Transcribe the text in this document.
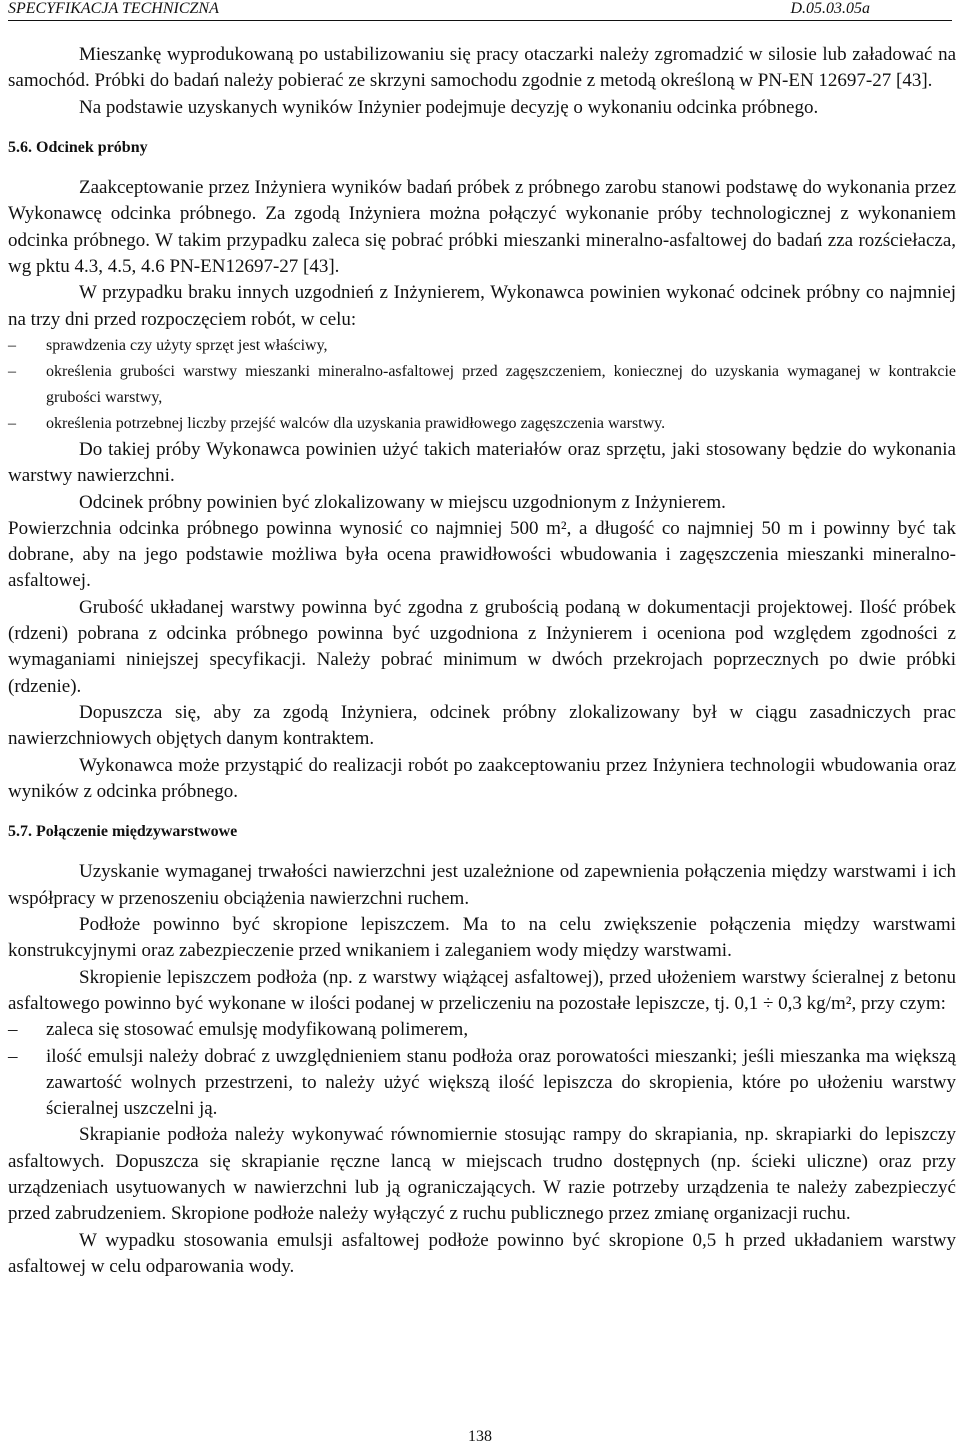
SPECYFIKACJA TECHNICZNA	D.05.03.05a

Mieszankę wyprodukowaną po ustabilizowaniu się pracy otaczarki należy zgromadzić w silosie lub załadować na samochód. Próbki do badań należy pobierać ze skrzyni samochodu zgodnie z metodą określoną w PN-EN 12697-27 [43].

Na podstawie uzyskanych wyników Inżynier podejmuje decyzję o wykonaniu odcinka próbnego.

5.6. Odcinek próbny

Zaakceptowanie przez Inżyniera wyników badań próbek z próbnego zarobu stanowi podstawę do wykonania przez Wykonawcę odcinka próbnego. Za zgodą Inżyniera można połączyć wykonanie próby technologicznej z wykonaniem odcinka próbnego. W takim przypadku zaleca się pobrać próbki mieszanki mineralno-asfaltowej do badań zza rozściełacza, wg pktu 4.3, 4.5, 4.6 PN-EN12697-27 [43].

W przypadku braku innych uzgodnień z Inżynierem, Wykonawca powinien wykonać odcinek próbny co najmniej na trzy dni przed rozpoczęciem robót, w celu:

– sprawdzenia czy użyty sprzęt jest właściwy,
– określenia grubości warstwy mieszanki mineralno-asfaltowej przed zagęszczeniem, koniecznej do uzyskania wymaganej w kontrakcie grubości warstwy,
– określenia potrzebnej liczby przejść walców dla uzyskania prawidłowego zagęszczenia warstwy.

Do takiej próby Wykonawca powinien użyć takich materiałów oraz sprzętu, jaki stosowany będzie do wykonania warstwy nawierzchni.

Odcinek próbny powinien być zlokalizowany w miejscu uzgodnionym z Inżynierem.

Powierzchnia odcinka próbnego powinna wynosić co najmniej 500 m², a długość co najmniej 50 m i powinny być tak dobrane, aby na jego podstawie możliwa była ocena prawidłowości wbudowania i zagęszczenia mieszanki mineralno-asfaltowej.

Grubość układanej warstwy powinna być zgodna z grubością podaną w dokumentacji projektowej. Ilość próbek (rdzeni) pobrana z odcinka próbnego powinna być uzgodniona z Inżynierem i oceniona pod względem zgodności z wymaganiami niniejszej specyfikacji. Należy pobrać minimum w dwóch przekrojach poprzecznych po dwie próbki (rdzenie).

Dopuszcza się, aby za zgodą Inżyniera, odcinek próbny zlokalizowany był w ciągu zasadniczych prac nawierzchniowych objętych danym kontraktem.

Wykonawca może przystąpić do realizacji robót po zaakceptowaniu przez Inżyniera technologii wbudowania oraz wyników z odcinka próbnego.

5.7. Połączenie międzywarstwowe

Uzyskanie wymaganej trwałości nawierzchni jest uzależnione od zapewnienia połączenia między warstwami i ich współpracy w przenoszeniu obciążenia nawierzchni ruchem.

Podłoże powinno być skropione lepiszczem. Ma to na celu zwiększenie połączenia między warstwami konstrukcyjnymi oraz zabezpieczenie przed wnikaniem i zaleganiem wody między warstwami.

Skropienie lepiszczem podłoża (np. z warstwy wiążącej asfaltowej), przed ułożeniem warstwy ścieralnej z betonu asfaltowego powinno być wykonane w ilości podanej w przeliczeniu na pozostałe lepiszcze, tj. 0,1 ÷ 0,3 kg/m², przy czym:

– zaleca się stosować emulsję modyfikowaną polimerem,
– ilość emulsji należy dobrać z uwzględnieniem stanu podłoża oraz porowatości mieszanki; jeśli mieszanka ma większą zawartość wolnych przestrzeni, to należy użyć większą ilość lepiszcza do skropienia, które po ułożeniu warstwy ścieralnej uszczelni ją.

Skrapianie podłoża należy wykonywać równomiernie stosując rampy do skrapiania, np. skrapiarki do lepiszczy asfaltowych. Dopuszcza się skrapianie ręczne lancą w miejscach trudno dostępnych (np. ścieki uliczne) oraz przy urządzeniach usytuowanych w nawierzchni lub ją ograniczających. W razie potrzeby urządzenia te należy zabezpieczyć przed zabrudzeniem. Skropione podłoże należy wyłączyć z ruchu publicznego przez zmianę organizacji ruchu.

W wypadku stosowania emulsji asfaltowej podłoże powinno być skropione 0,5 h przed układaniem warstwy asfaltowej w celu odparowania wody.

138
